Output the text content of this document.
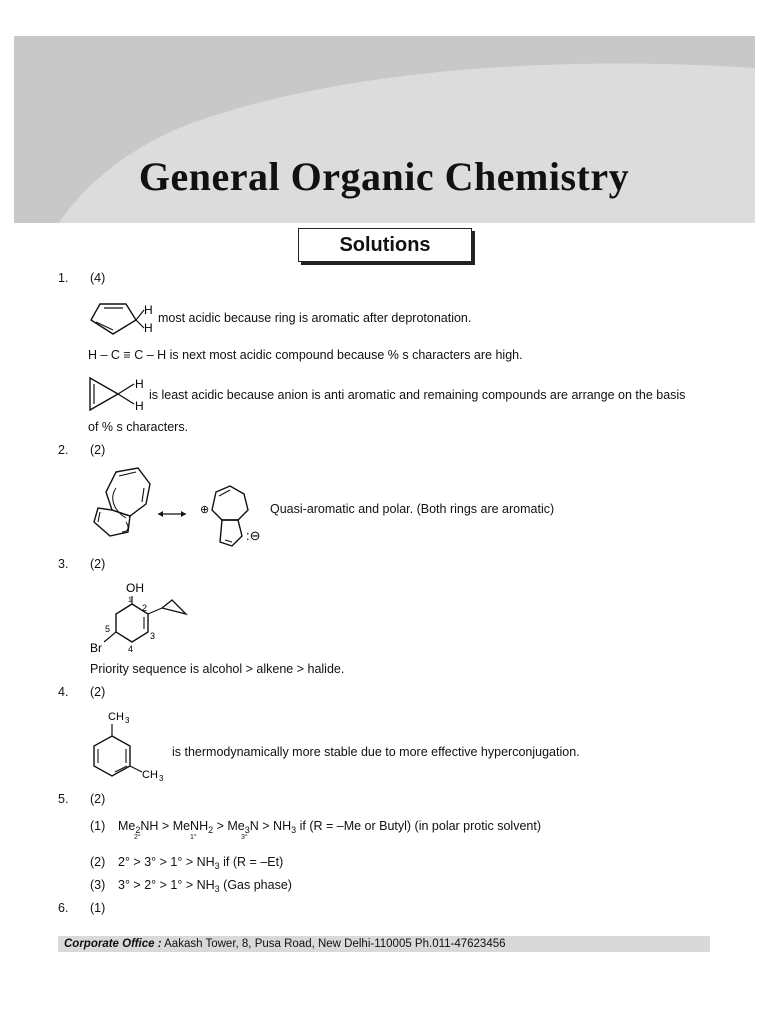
General Organic Chemistry
Solutions
1. (4)
H
H
most acidic because ring is aromatic after deprotonation.
H – C ≡ C – H is next most acidic compound because % s characters are high.
H
H
is least acidic because anion is anti aromatic and remaining compounds are arrange on the basis
of % s characters.
2. (2)
⊕
:⊖
Quasi-aromatic and polar. (Both rings are aromatic)
3. (2)
OH
Br
1
2
3
4
5
Priority sequence is alcohol > alkene > halide.
4. (2)
CH 3
CH 3
is thermodynamically more stable due to more effective hyperconjugation.
5. (2)
(1) $Me_2NH$ > MeNH$_2$ > $Me_3N > NH_3$ if (R = –Me or Butyl) (in polar protic solvent)
2°	1°	3°
(2) $2^\circ > 3^\circ > 1^\circ > NH_3$ if (R = –Et)
(3) $3^\circ > 2^\circ > 1^\circ > NH_3$ (Gas phase)
6. (1)
Corporate Office : Aakash Tower, 8, Pusa Road, New Delhi-110005 Ph.011-47623456
